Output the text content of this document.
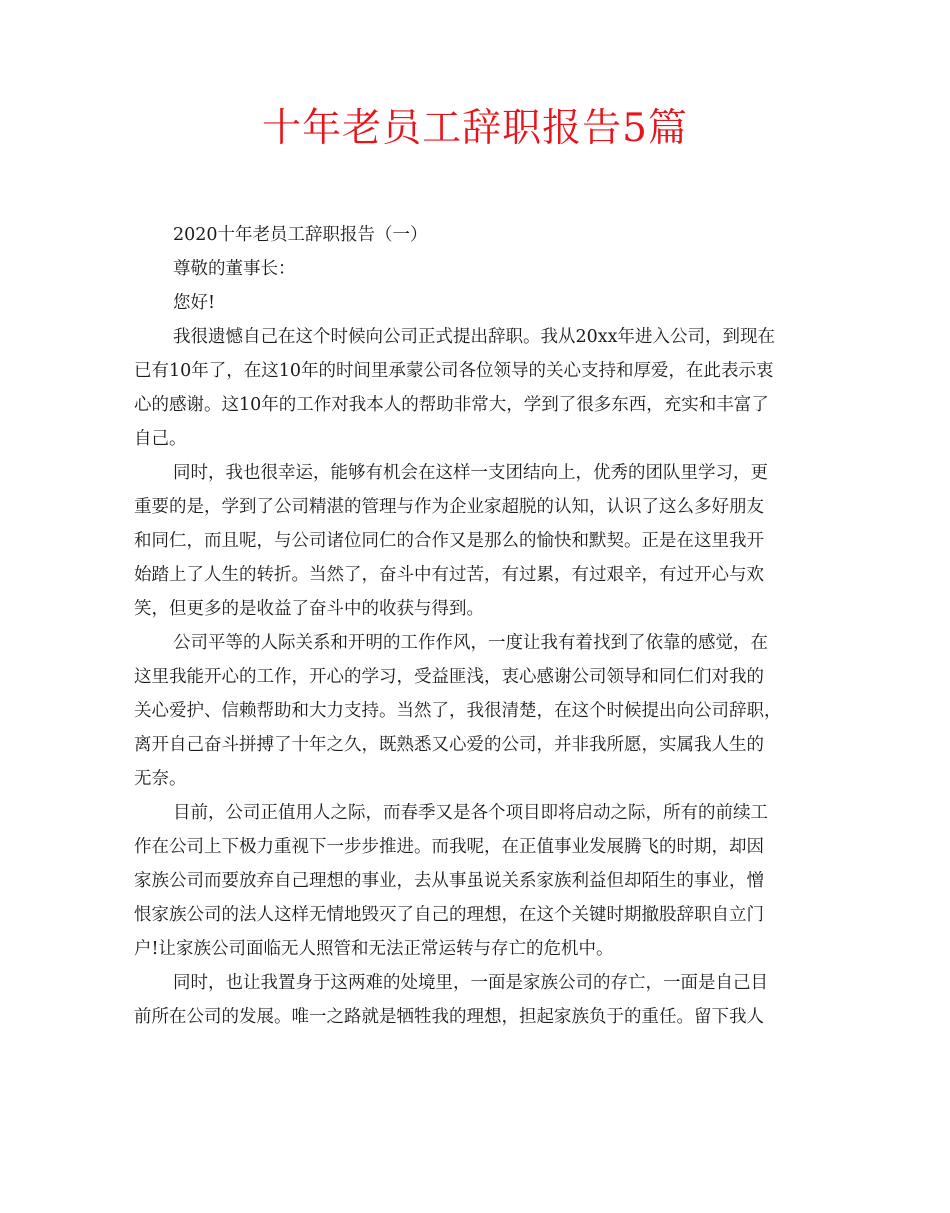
十年老员工辞职报告5篇
2020十年老员工辞职报告（一）
尊敬的董事长：
您好!
我很遗憾自己在这个时候向公司正式提出辞职。我从20xx年进入公司，到现在
已有10年了，在这10年的时间里承蒙公司各位领导的关心支持和厚爱，在此表示衷
心的感谢。这10年的工作对我本人的帮助非常大，学到了很多东西，充实和丰富了
自己。
同时，我也很幸运，能够有机会在这样一支团结向上，优秀的团队里学习，更
重要的是，学到了公司精湛的管理与作为企业家超脱的认知，认识了这么多好朋友
和同仁，而且呢，与公司诸位同仁的合作又是那么的愉快和默契。正是在这里我开
始踏上了人生的转折。当然了，奋斗中有过苦，有过累，有过艰辛，有过开心与欢
笑，但更多的是收益了奋斗中的收获与得到。
公司平等的人际关系和开明的工作作风，一度让我有着找到了依靠的感觉，在
这里我能开心的工作，开心的学习，受益匪浅，衷心感谢公司领导和同仁们对我的
关心爱护、信赖帮助和大力支持。当然了，我很清楚，在这个时候提出向公司辞职，
离开自己奋斗拼搏了十年之久，既熟悉又心爱的公司，并非我所愿，实属我人生的
无奈。
目前，公司正值用人之际，而春季又是各个项目即将启动之际，所有的前续工
作在公司上下极力重视下一步步推进。而我呢，在正值事业发展腾飞的时期，却因
家族公司而要放弃自己理想的事业，去从事虽说关系家族利益但却陌生的事业，憎
恨家族公司的法人这样无情地毁灭了自己的理想，在这个关键时期撤股辞职自立门
户!让家族公司面临无人照管和无法正常运转与存亡的危机中。
同时，也让我置身于这两难的处境里，一面是家族公司的存亡，一面是自己目
前所在公司的发展。唯一之路就是牺牲我的理想，担起家族负于的重任。留下我人
